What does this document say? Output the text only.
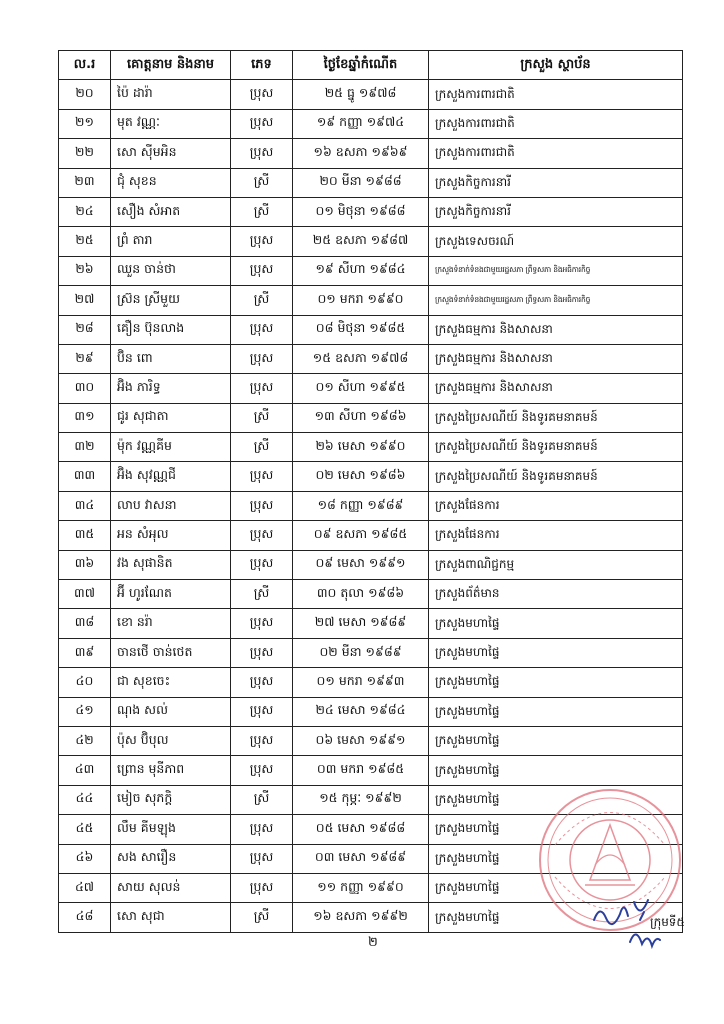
ល.រ	គោត្តនាម និងនាម	ភេទ	ថ្ងៃខែឆ្នាំកំណើត	ក្រសួង ស្ថាប័ន
២០	ប៉ៃ ដារ៉ា	ប្រុស	២៥ ធ្នូ ១៩៧៨	ក្រសួងការពារជាតិ
២១	មុត វណ្ណៈ	ប្រុស	១៩ កញ្ញា ១៩៧៤	ក្រសួងការពារជាតិ
២២	សោ ស៊ីមអិន	ប្រុស	១៦ ឧសភា ១៩៦៩	ក្រសួងការពារជាតិ
២៣	ជុំ សុខន	ស្រី	២០ មីនា ១៩៨៨	ក្រសួងកិច្ចការនារី
២៤	សឿង សំអាត	ស្រី	០១ មិថុនា ១៩៨៨	ក្រសួងកិច្ចការនារី
២៥	ព្រំ តារា	ប្រុស	២៥ ឧសភា ១៩៨៧	ក្រសួងទេសចរណ៍
២៦	ឈួន ចាន់ថា	ប្រុស	១៩ សីហា ១៩៨៤	ក្រសួងទំនាក់ទំនងជាមួយរដ្ឋសភា ព្រឹទ្ធសភា និងអធិការកិច្ច
២៧	ស្រ៊ន ស្រីមួយ	ស្រី	០១ មករា ១៩៩០	ក្រសួងទំនាក់ទំនងជាមួយរដ្ឋសភា ព្រឹទ្ធសភា និងអធិការកិច្ច
២៨	គឿន ប៊ុនលាង	ប្រុស	០៨ មិថុនា ១៩៨៥	ក្រសួងធម្មការ និងសាសនា
២៩	ប៊ិន ពោ	ប្រុស	១៥ ឧសភា ១៩៧៨	ក្រសួងធម្មការ និងសាសនា
៣០	អ៊ិង ភារិទ្ធ	ប្រុស	០១ សីហា ១៩៩៥	ក្រសួងធម្មការ និងសាសនា
៣១	ជូរ សុជាតា	ស្រី	១៣ សីហា ១៩៨៦	ក្រសួងប្រៃសណីយ៍ និងទូរគមនាគមន៍
៣២	ម៉ុក វណ្ណគីម	ស្រី	២៦ មេសា ១៩៩០	ក្រសួងប្រៃសណីយ៍ និងទូរគមនាគមន៍
៣៣	អ៊ិង សុវណ្ណជី	ប្រុស	០២ មេសា ១៩៨៦	ក្រសួងប្រៃសណីយ៍ និងទូរគមនាគមន៍
៣៤	លាប វាសនា	ប្រុស	១៨ កញ្ញា ១៩៨៩	ក្រសួងផែនការ
៣៥	អន សំអុល	ប្រុស	០៩ ឧសភា ១៩៨៥	ក្រសួងផែនការ
៣៦	វង សុផានិត	ប្រុស	០៩ មេសា ១៩៩១	ក្រសួងពាណិជ្ជកម្ម
៣៧	អ៊ី ហូរណែត	ស្រី	៣០ តុលា ១៩៨៦	ក្រសួងព័ត៌មាន
៣៨	ខោ នរ៉ា	ប្រុស	២៧ មេសា ១៩៨៩	ក្រសួងមហាផ្ទៃ
៣៩	ចានថើ ចាន់ថេត	ប្រុស	០២ មីនា ១៩៨៩	ក្រសួងមហាផ្ទៃ
៤០	ជា សុខចេះ	ប្រុស	០១ មករា ១៩៩៣	ក្រសួងមហាផ្ទៃ
៤១	ណុង សល់	ប្រុស	២៤ មេសា ១៩៨៤	ក្រសួងមហាផ្ទៃ
៤២	ប៉ុស ប៊ិបុល	ប្រុស	០៦ មេសា ១៩៩១	ក្រសួងមហាផ្ទៃ
៤៣	ព្រោន មុនីភាព	ប្រុស	០៣ មករា ១៩៨៥	ក្រសួងមហាផ្ទៃ
៤៤	មៀច សុភក្តិ	ស្រី	១៥ កុម្ភៈ ១៩៩២	ក្រសួងមហាផ្ទៃ
៤៥	លឹម គីមឡុង	ប្រុស	០៥ មេសា ១៩៨៨	ក្រសួងមហាផ្ទៃ
៤៦	សង សារឿន	ប្រុស	០៣ មេសា ១៩៨៩	ក្រសួងមហាផ្ទៃ
៤៧	សាយ សុលន់	ប្រុស	១១ កញ្ញា ១៩៩០	ក្រសួងមហាផ្ទៃ
៤៨	សោ សុជា	ស្រី	១៦ ឧសភា ១៩៩២	ក្រសួងមហាផ្ទៃ
២
ក្រុមទី៥
